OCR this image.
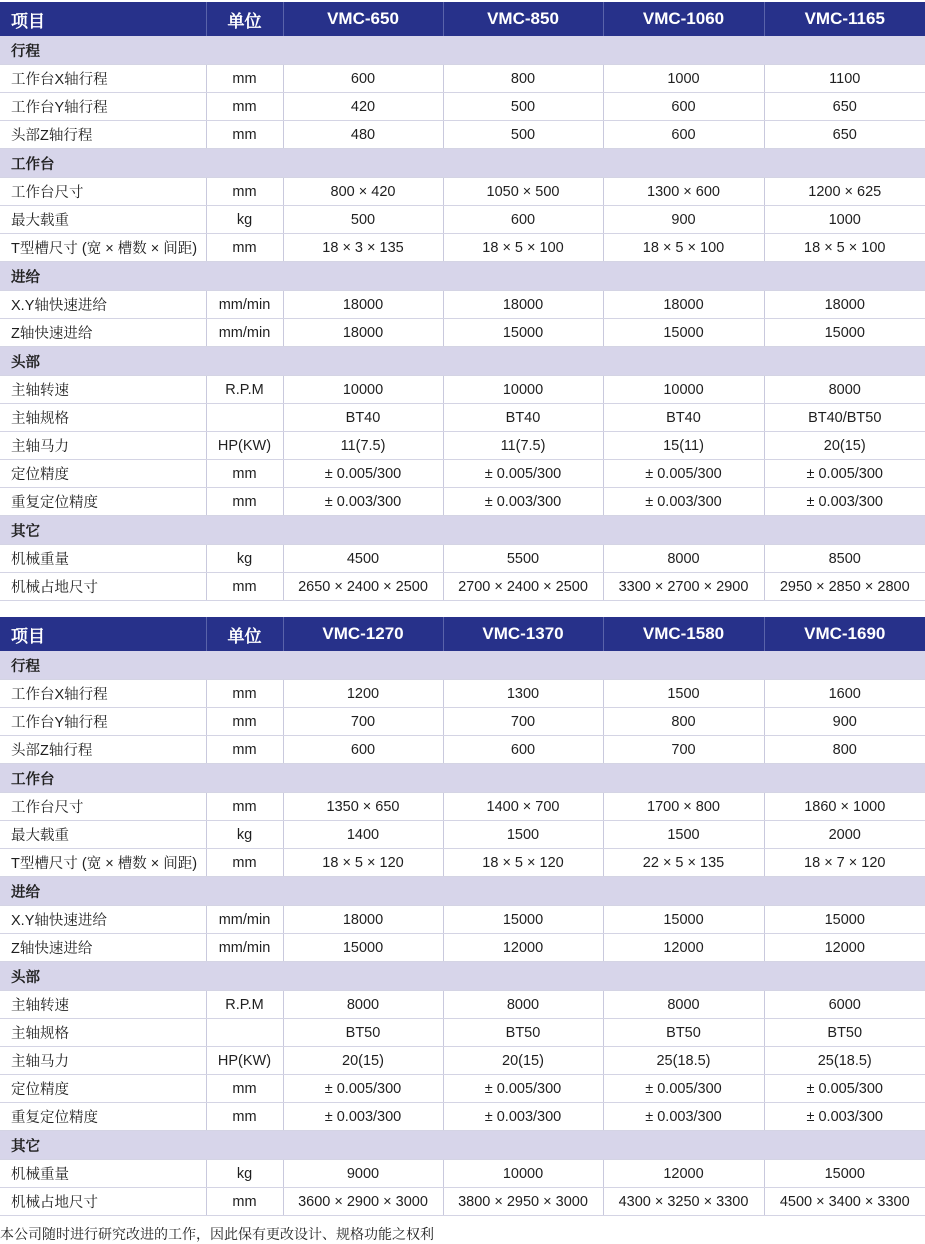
项目	单位	VMC-650	VMC-850	VMC-1060	VMC-1165
行程					
工作台X轴行程	mm	600	800	1000	1100
工作台Y轴行程	mm	420	500	600	650
头部Z轴行程	mm	480	500	600	650
工作台					
工作台尺寸	mm	800 × 420	1050 × 500	1300 × 600	1200 × 625
最大载重	kg	500	600	900	1000
T型槽尺寸 (宽 × 槽数 × 间距)	mm	18 × 3 × 135	18 × 5 × 100	18 × 5 × 100	18 × 5 × 100
进给					
X.Y轴快速进给	mm/min	18000	18000	18000	18000
Z轴快速进给	mm/min	18000	15000	15000	15000
头部					
主轴转速	R.P.M	10000	10000	10000	8000
主轴规格		BT40	BT40	BT40	BT40/BT50
主轴马力	HP(KW)	11(7.5)	11(7.5)	15(11)	20(15)
定位精度	mm	± 0.005/300	± 0.005/300	± 0.005/300	± 0.005/300
重复定位精度	mm	± 0.003/300	± 0.003/300	± 0.003/300	± 0.003/300
其它					
机械重量	kg	4500	5500	8000	8500
机械占地尺寸	mm	2650 × 2400 × 2500	2700 × 2400 × 2500	3300 × 2700 × 2900	2950 × 2850 × 2800
项目	单位	VMC-1270	VMC-1370	VMC-1580	VMC-1690
行程					
工作台X轴行程	mm	1200	1300	1500	1600
工作台Y轴行程	mm	700	700	800	900
头部Z轴行程	mm	600	600	700	800
工作台					
工作台尺寸	mm	1350 × 650	1400 × 700	1700 × 800	1860 × 1000
最大载重	kg	1400	1500	1500	2000
T型槽尺寸 (宽 × 槽数 × 间距)	mm	18 × 5 × 120	18 × 5 × 120	22 × 5 × 135	18 × 7 × 120
进给					
X.Y轴快速进给	mm/min	18000	15000	15000	15000
Z轴快速进给	mm/min	15000	12000	12000	12000
头部					
主轴转速	R.P.M	8000	8000	8000	6000
主轴规格		BT50	BT50	BT50	BT50
主轴马力	HP(KW)	20(15)	20(15)	25(18.5)	25(18.5)
定位精度	mm	± 0.005/300	± 0.005/300	± 0.005/300	± 0.005/300
重复定位精度	mm	± 0.003/300	± 0.003/300	± 0.003/300	± 0.003/300
其它					
机械重量	kg	9000	10000	12000	15000
机械占地尺寸	mm	3600 × 2900 × 3000	3800 × 2950 × 3000	4300 × 3250 × 3300	4500 × 3400 × 3300
本公司随时进行研究改进的工作，因此保有更改设计、规格功能之权利
